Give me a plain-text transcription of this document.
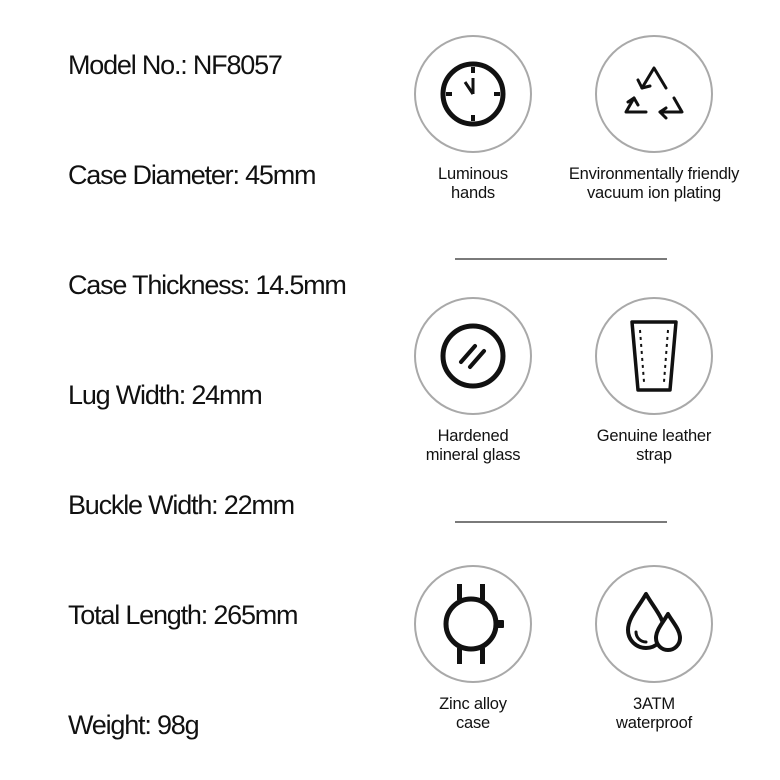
Model No.: NF8057
Case Diameter: 45mm
Case Thickness: 14.5mm
Lug Width: 24mm
Buckle Width: 22mm
Total Length: 265mm
Weight: 98g
Luminous
hands
Environmentally friendly
vacuum ion plating
Hardened
mineral glass
Genuine leather
strap
Zinc alloy
case
3ATM
waterproof
